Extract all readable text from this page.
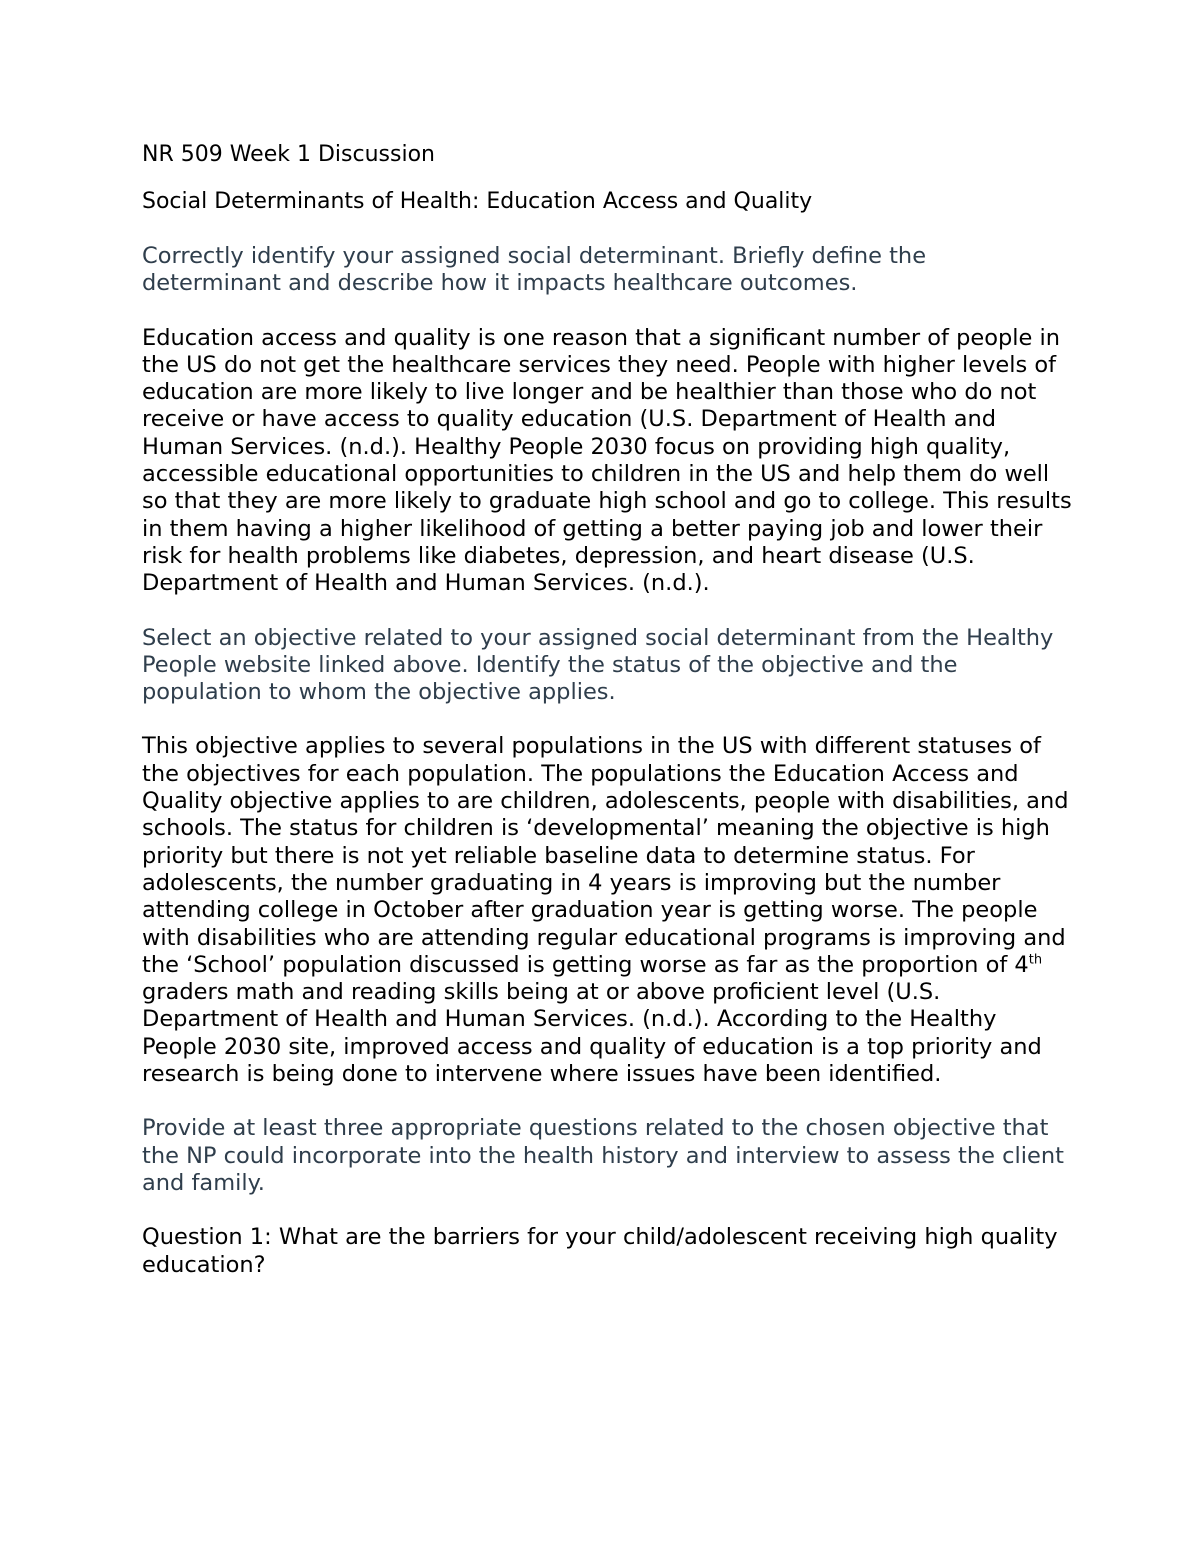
NR 509 Week 1 Discussion
Social Determinants of Health: Education Access and Quality

Correctly identify your assigned social determinant. Briefly define the determinant and describe how it impacts healthcare outcomes.

Education access and quality is one reason that a significant number of people in the US do not get the healthcare services they need. People with higher levels of education are more likely to live longer and be healthier than those who do not receive or have access to quality education (U.S. Department of Health and Human Services. (n.d.). Healthy People 2030 focus on providing high quality, accessible educational opportunities to children in the US and help them do well so that they are more likely to graduate high school and go to college. This results in them having a higher likelihood of getting a better paying job and lower their risk for health problems like diabetes, depression, and heart disease (U.S. Department of Health and Human Services. (n.d.).

Select an objective related to your assigned social determinant from the Healthy People website linked above. Identify the status of the objective and the population to whom the objective applies.

This objective applies to several populations in the US with different statuses of the objectives for each population. The populations the Education Access and Quality objective applies to are children, adolescents, people with disabilities, and schools. The status for children is ‘developmental’ meaning the objective is high priority but there is not yet reliable baseline data to determine status. For adolescents, the number graduating in 4 years is improving but the number attending college in October after graduation year is getting worse. The people with disabilities who are attending regular educational programs is improving and the ‘School’ population discussed is getting worse as far as the proportion of 4th graders math and reading skills being at or above proficient level (U.S. Department of Health and Human Services. (n.d.). According to the Healthy People 2030 site, improved access and quality of education is a top priority and research is being done to intervene where issues have been identified.

Provide at least three appropriate questions related to the chosen objective that the NP could incorporate into the health history and interview to assess the client and family.

Question 1: What are the barriers for your child/adolescent receiving high quality education?
